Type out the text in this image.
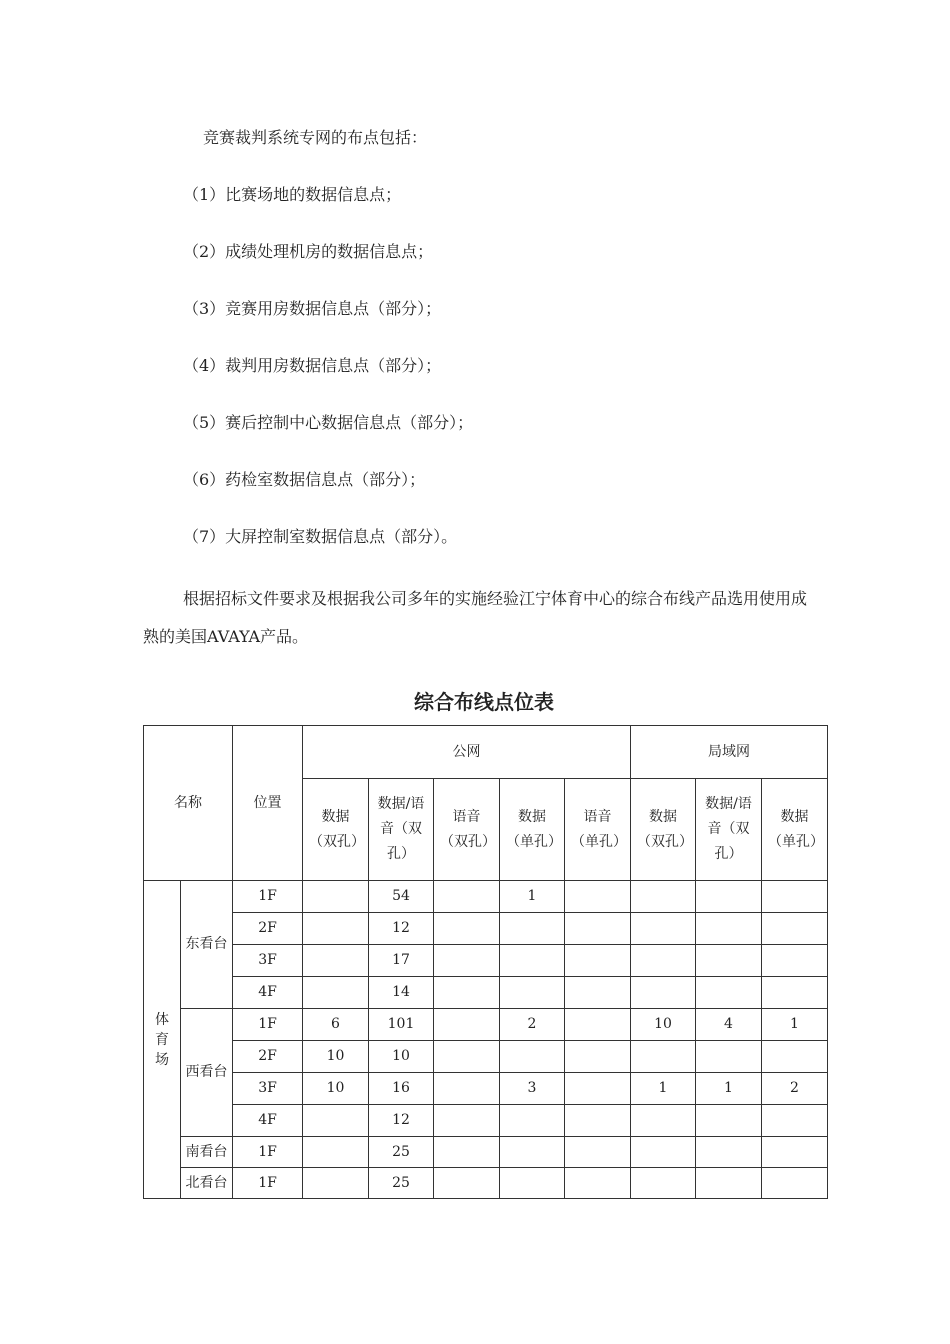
竞赛裁判系统专网的布点包括：
（1）比赛场地的数据信息点；
（2）成绩处理机房的数据信息点；
（3）竞赛用房数据信息点（部分）；
（4）裁判用房数据信息点（部分）；
（5）赛后控制中心数据信息点（部分）；
（6）药检室数据信息点（部分）；
（7）大屏控制室数据信息点（部分）。
根据招标文件要求及根据我公司多年的实施经验江宁体育中心的综合布线产品选用使用成熟的美国AVAYA产品。
综合布线点位表
名称		位置	公网					局域网		
			数据（双孔）	数据/语音（双孔）	语音（双孔）	数据（单孔）	语音（单孔）	数据（双孔）	数据/语音（双孔）	数据（单孔）
体育场	东看台	1F		54		1				
		2F		12						
		3F		17						
		4F		14						
	西看台	1F	6	101		2		10	4	1
		2F	10	10						
		3F	10	16		3		1	1	2
		4F		12						
	南看台	1F		25						
	北看台	1F		25						
